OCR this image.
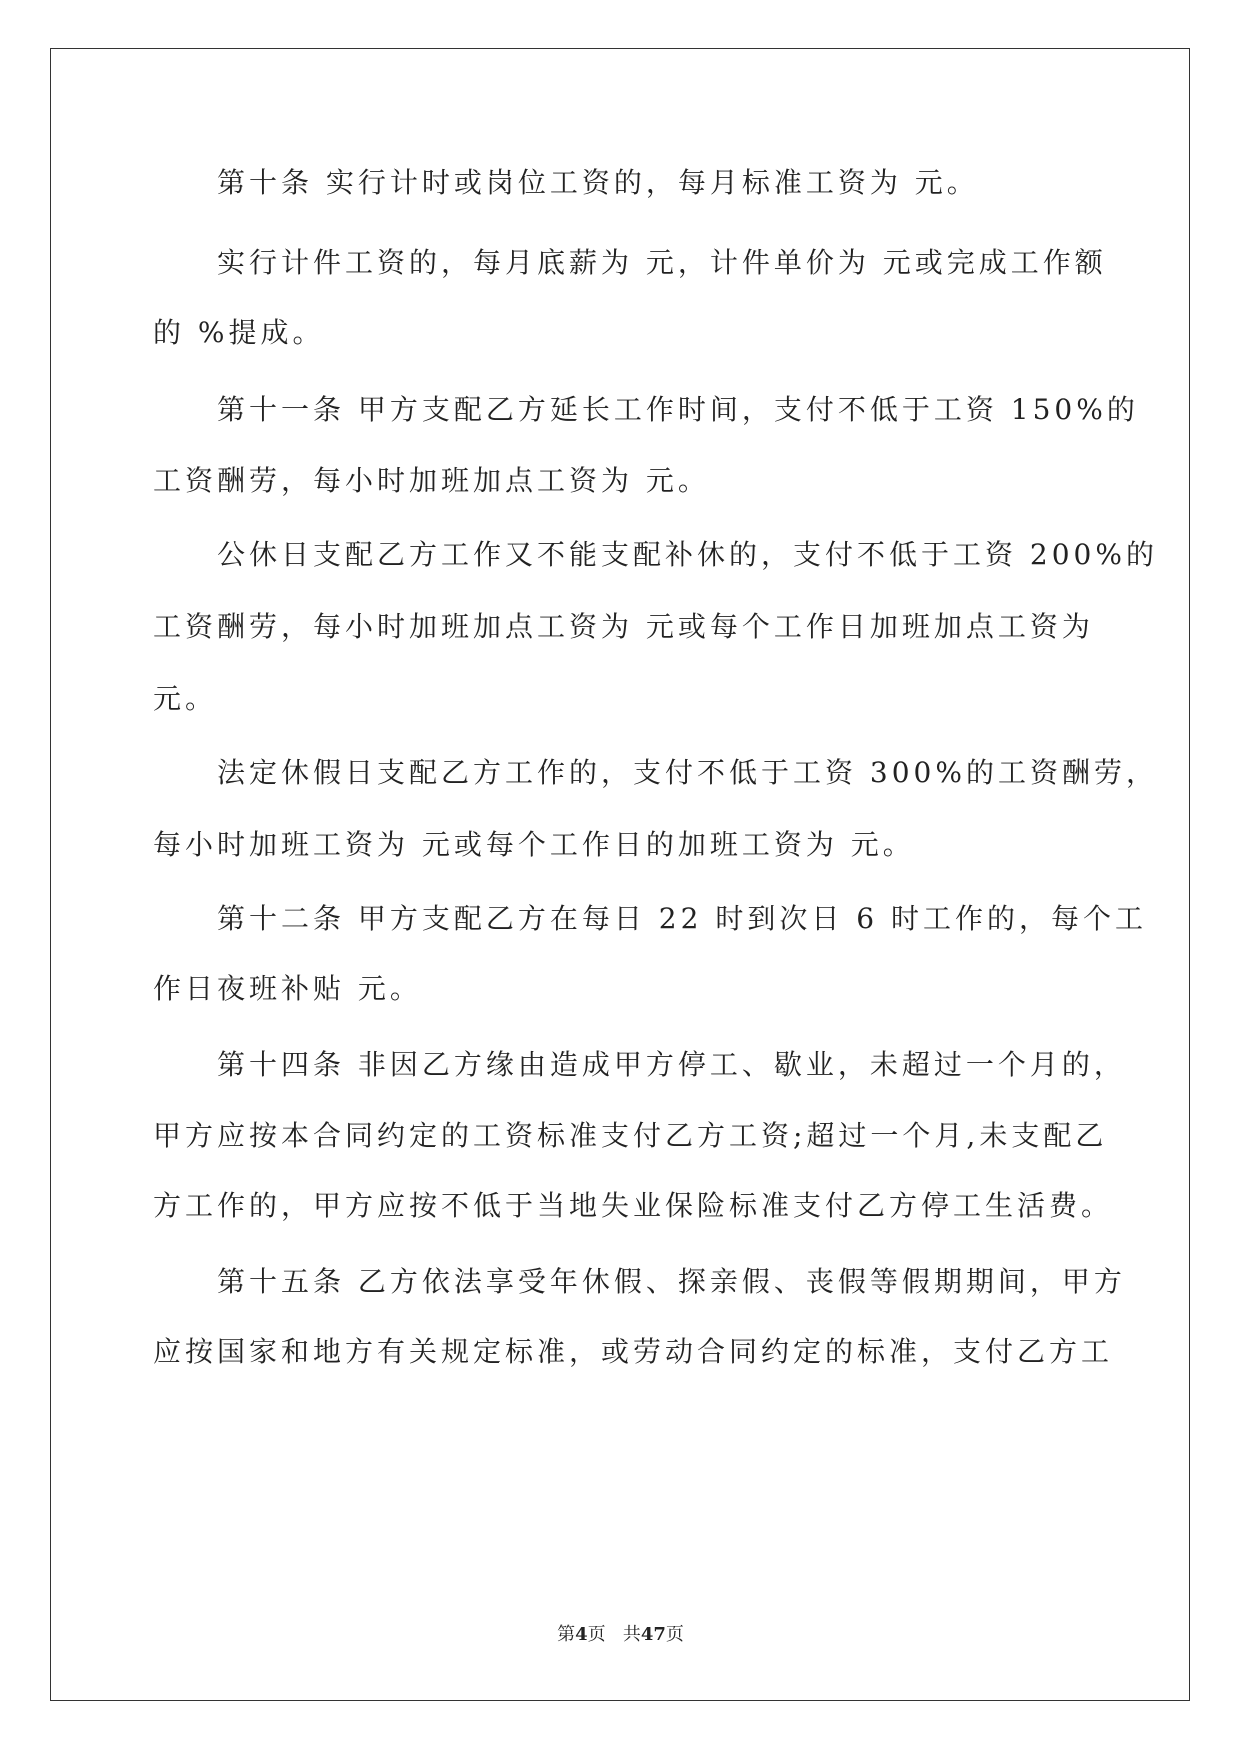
第十条 实行计时或岗位工资的，每月标准工资为 元。
实行计件工资的，每月底薪为 元，计件单价为 元或完成工作额
的 %提成。
第十一条 甲方支配乙方延长工作时间，支付不低于工资 150%的
工资酬劳，每小时加班加点工资为 元。
公休日支配乙方工作又不能支配补休的，支付不低于工资 200%的
工资酬劳，每小时加班加点工资为 元或每个工作日加班加点工资为
元。
法定休假日支配乙方工作的，支付不低于工资 300%的工资酬劳，
每小时加班工资为 元或每个工作日的加班工资为 元。
第十二条 甲方支配乙方在每日 22 时到次日 6 时工作的，每个工
作日夜班补贴 元。
第十四条 非因乙方缘由造成甲方停工、歇业，未超过一个月的，
甲方应按本合同约定的工资标准支付乙方工资;超过一个月,未支配乙
方工作的，甲方应按不低于当地失业保险标准支付乙方停工生活费。
第十五条 乙方依法享受年休假、探亲假、丧假等假期期间，甲方
应按国家和地方有关规定标准，或劳动合同约定的标准，支付乙方工
第4页 共47页
